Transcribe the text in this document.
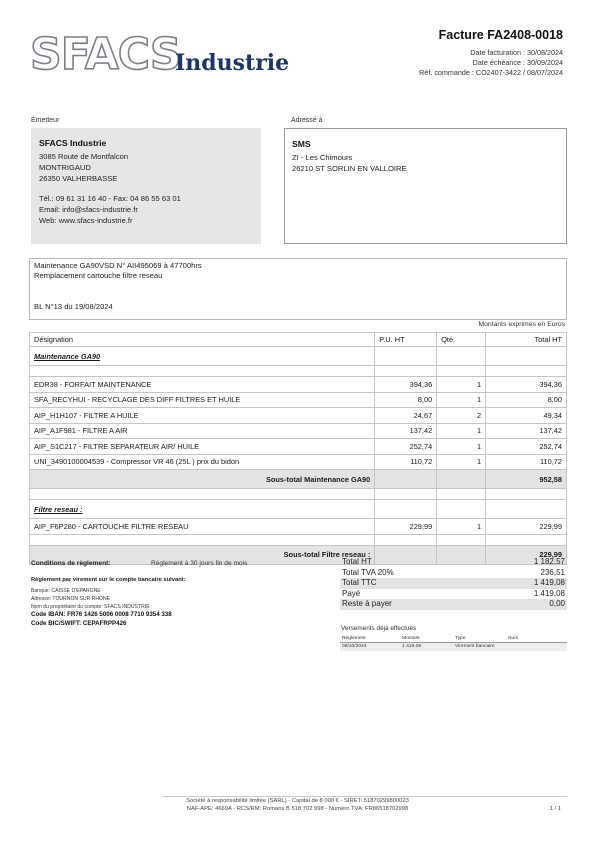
SFACS
Industrie
Facture FA2408-0018
Date facturation : 30/08/2024
Date échéance : 30/09/2024
Réf. commande : CO2407-3422 / 08/07/2024
Émetteur	Adressé à
SFACS Industrie
3085 Route de Montfalcon
MONTRIGAUD
26350 VALHERBASSE
Tél.: 09 61 31 16 40 - Fax: 04 86 55 63 01
Email: info@sfacs-industrie.fr
Web: www.sfacs-industrie.fr
SMS
ZI - Les Chimours
26210 ST SORLIN EN VALLOIRE
Maintenance GA90VSD N° AII495069 à 47700hrs
Remplacement cartouche filtre reseau
BL N°13 du 19/08/2024
Montants exprimés en Euros
Désignation	P.U. HT	Qté	Total HT
Maintenance GA90			

EDR38 - FORFAIT MAINTENANCE	394,36	1	394,36
SFA_RECYHUI - RECYCLAGE DES DIFF FILTRES ET HUILE	8,00	1	8,00
AIP_H1H107 - FILTRE A HUILE	24,67	2	49,34
AIP_A1F981 - FILTRE A AIR	137,42	1	137,42
AIP_S1C217 - FILTRE SEPARATEUR AIR/ HUILE	252,74	1	252,74
UNI_3490100004539 - Compressor VR 46 (25L ) prix du bidon	110,72	1	110,72
Sous-total Maintenance GA90			952,58

Filtre reseau :			
AIP_F6P280 - CARTOUCHE FILTRE RESEAU	229,99	1	229,99

Sous-total Filtre reseau :			229,99
Conditions de règlement:	Règlement à 30 jours fin de mois
Règlement par virement sur le compte bancaire suivant:
Banque: CAISSE D'EPARGNE
Adresse: TOURNON SUR RHONE
Nom du propriétaire du compte: SFACS INDUSTRIE
Code IBAN: FR76 1426 5006 0008 7710 9354 338
Code BIC/SWIFT: CEPAFRPP426
Total HT	1 182,57
Total TVA 20%	236,51
Total TTC	1 419,08
Payé	1 419,08
Reste à payer	0,00
Versements déjà effectués
Règlement	Montant	Type	Num
09/10/2024	1 419,08	Virement bancaire
Société à responsabilité limitée (SARL) - Capital de 8 000 € - SIRET: 51870299800023
NAF-APE: 4669A - RCS/RM: Romans B 518 702 998 - Numéro TVA: FR86518702998	1 / 1
